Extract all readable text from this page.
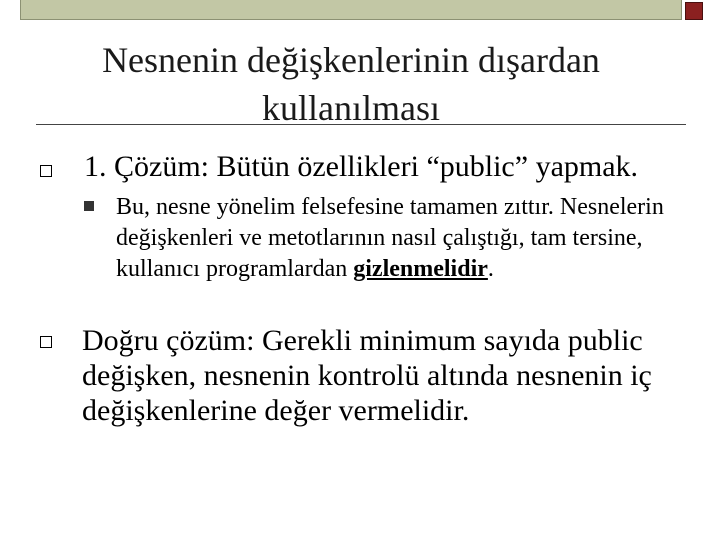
Nesnenin değişkenlerinin dışardan kullanılması

1. Çözüm: Bütün özellikleri “public” yapmak.

Bu, nesne yönelim felsefesine tamamen zıttır. Nesnelerin değişkenleri ve metotlarının nasıl çalıştığı, tam tersine, kullanıcı programlardan gizlenmelidir.

Doğru çözüm: Gerekli minimum sayıda public değişken, nesnenin kontrolü altında nesnenin iç değişkenlerine değer vermelidir.
